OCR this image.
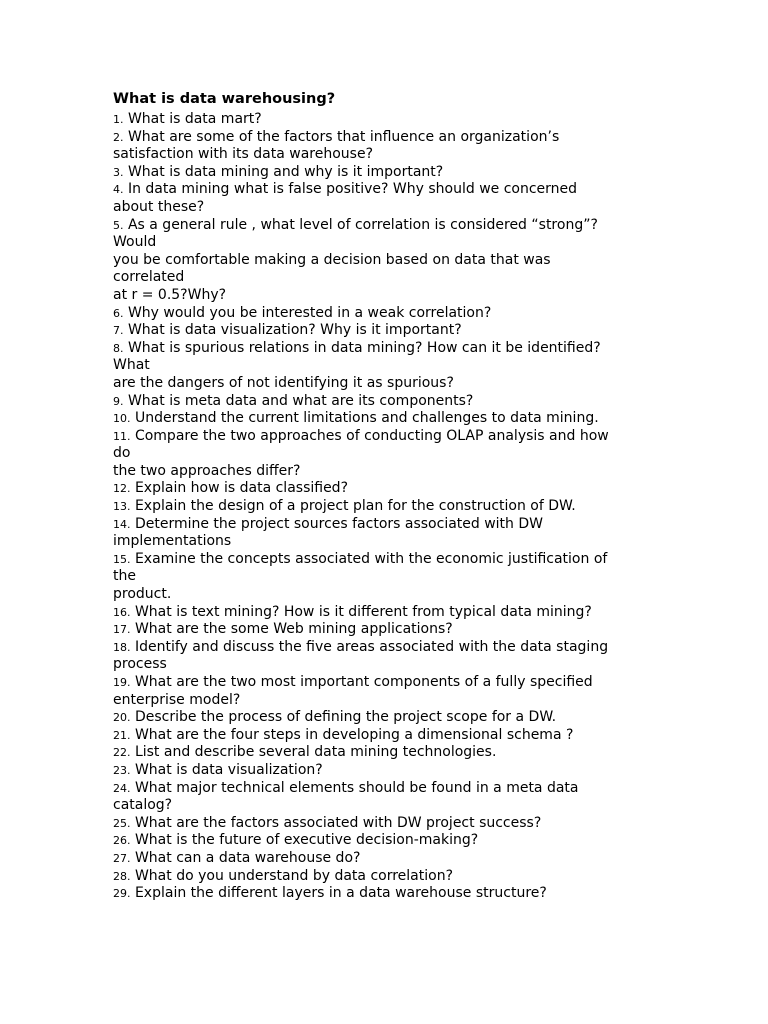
What is data warehousing?
1. What is data mart?
2. What are some of the factors that influence an organization’s
satisfaction with its data warehouse?
3. What is data mining and why is it important?
4. In data mining what is false positive? Why should we concerned
about these?
5. As a general rule , what level of correlation is considered “strong”?
Would
you be comfortable making a decision based on data that was
correlated
at r = 0.5?Why?
6. Why would you be interested in a weak correlation?
7. What is data visualization? Why is it important?
8. What is spurious relations in data mining? How can it be identified?
What
are the dangers of not identifying it as spurious?
9. What is meta data and what are its components?
10. Understand the current limitations and challenges to data mining.
11. Compare the two approaches of conducting OLAP analysis and how
do
the two approaches differ?
12. Explain how is data classified?
13. Explain the design of a project plan for the construction of DW.
14. Determine the project sources factors associated with DW
implementations
15. Examine the concepts associated with the economic justification of
the
product.
16. What is text mining? How is it different from typical data mining?
17. What are the some Web mining applications?
18. Identify and discuss the five areas associated with the data staging
process
19. What are the two most important components of a fully specified
enterprise model?
20. Describe the process of defining the project scope for a DW.
21. What are the four steps in developing a dimensional schema ?
22. List and describe several data mining technologies.
23. What is data visualization?
24. What major technical elements should be found in a meta data
catalog?
25. What are the factors associated with DW project success?
26. What is the future of executive decision-making?
27. What can a data warehouse do?
28. What do you understand by data correlation?
29. Explain the different layers in a data warehouse structure?
